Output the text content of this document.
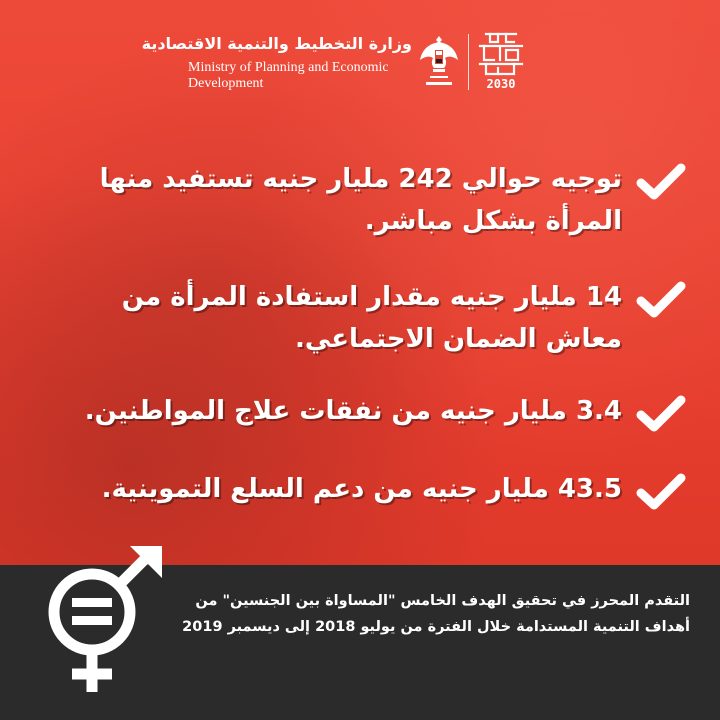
وزارة التخطيط والتنمية الاقتصادية
Ministry of Planning and Economic Development	2030
توجيه حوالي 242 مليار جنيه تستفيد منها المرأة بشكل مباشر.
14 مليار جنيه مقدار استفادة المرأة من معاش الضمان الاجتماعي.
3.4 مليار جنيه من نفقات علاج المواطنين.
43.5 مليار جنيه من دعم السلع التموينية.
التقدم المحرز في تحقيق الهدف الخامس "المساواة بين الجنسين" من أهداف التنمية المستدامة خلال الفترة من يوليو 2018 إلى ديسمبر 2019
